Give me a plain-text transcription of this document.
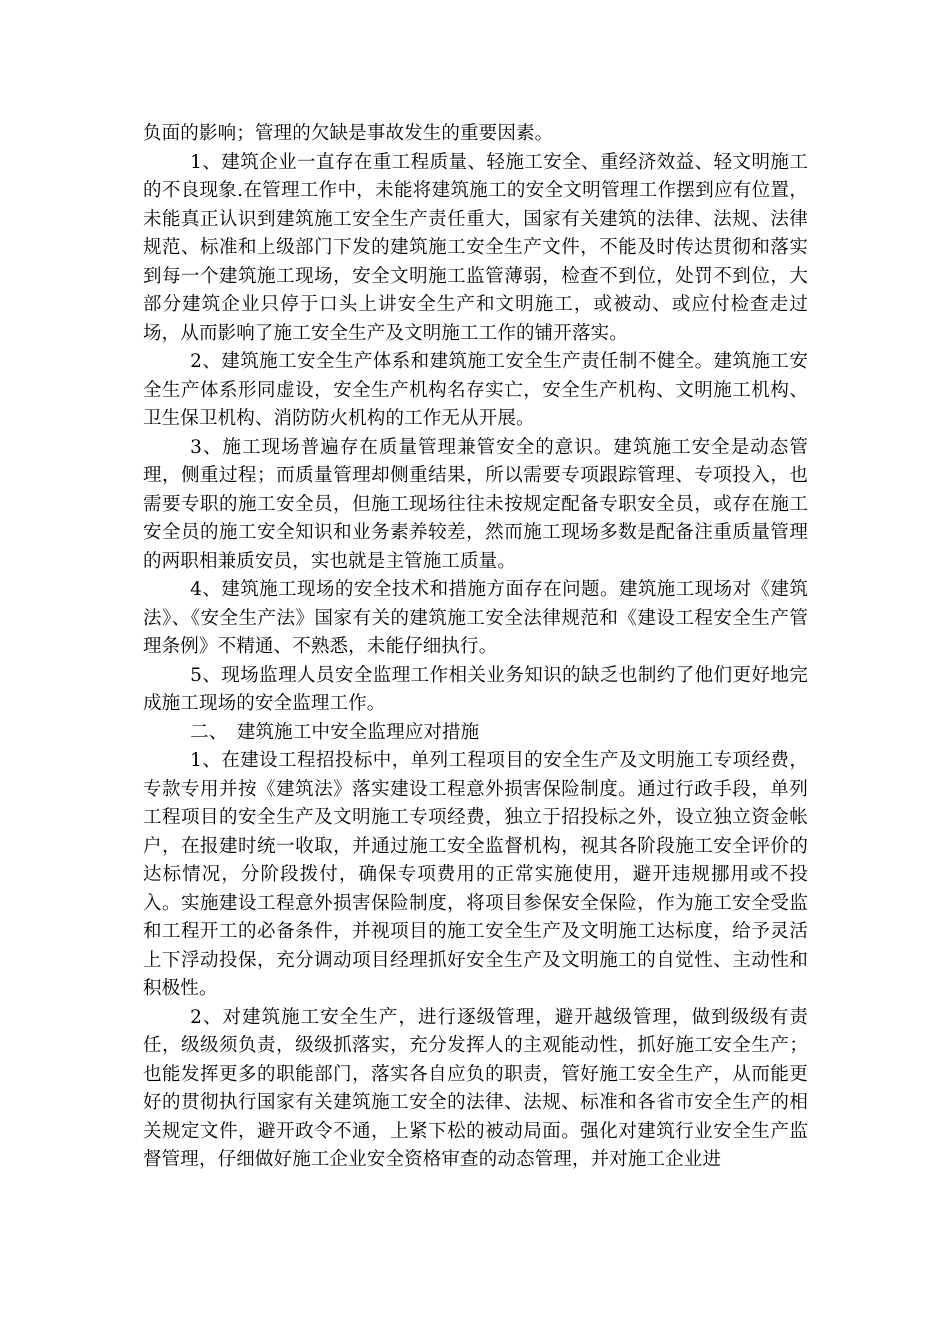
负面的影响；管理的欠缺是事故发生的重要因素。

1、建筑企业一直存在重工程质量、轻施工安全、重经济效益、轻文明施工的不良现象.在管理工作中，未能将建筑施工的安全文明管理工作摆到应有位置，未能真正认识到建筑施工安全生产责任重大，国家有关建筑的法律、法规、法律规范、标准和上级部门下发的建筑施工安全生产文件，不能及时传达贯彻和落实到每一个建筑施工现场，安全文明施工监管薄弱，检查不到位，处罚不到位，大部分建筑企业只停于口头上讲安全生产和文明施工，或被动、或应付检查走过场，从而影响了施工安全生产及文明施工工作的铺开落实。

2、建筑施工安全生产体系和建筑施工安全生产责任制不健全。建筑施工安全生产体系形同虚设，安全生产机构名存实亡，安全生产机构、文明施工机构、卫生保卫机构、消防防火机构的工作无从开展。

3、施工现场普遍存在质量管理兼管安全的意识。建筑施工安全是动态管理，侧重过程；而质量管理却侧重结果，所以需要专项跟踪管理、专项投入，也需要专职的施工安全员，但施工现场往往未按规定配备专职安全员，或存在施工安全员的施工安全知识和业务素养较差，然而施工现场多数是配备注重质量管理的两职相兼质安员，实也就是主管施工质量。

4、建筑施工现场的安全技术和措施方面存在问题。建筑施工现场对《建筑法》、《安全生产法》国家有关的建筑施工安全法律规范和《建设工程安全生产管理条例》不精通、不熟悉，未能仔细执行。

5、现场监理人员安全监理工作相关业务知识的缺乏也制约了他们更好地完成施工现场的安全监理工作。

二、　建筑施工中安全监理应对措施

1、在建设工程招投标中，单列工程项目的安全生产及文明施工专项经费，专款专用并按《建筑法》落实建设工程意外损害保险制度。通过行政手段，单列工程项目的安全生产及文明施工专项经费，独立于招投标之外，设立独立资金帐户，在报建时统一收取，并通过施工安全监督机构，视其各阶段施工安全评价的达标情况，分阶段拨付，确保专项费用的正常实施使用，避开违规挪用或不投入。实施建设工程意外损害保险制度，将项目参保安全保险，作为施工安全受监和工程开工的必备条件，并视项目的施工安全生产及文明施工达标度，给予灵活上下浮动投保，充分调动项目经理抓好安全生产及文明施工的自觉性、主动性和积极性。

2、对建筑施工安全生产，进行逐级管理，避开越级管理，做到级级有责任，级级须负责，级级抓落实，充分发挥人的主观能动性，抓好施工安全生产；也能发挥更多的职能部门，落实各自应负的职责，管好施工安全生产，从而能更好的贯彻执行国家有关建筑施工安全的法律、法规、标准和各省市安全生产的相关规定文件，避开政令不通，上紧下松的被动局面。强化对建筑行业安全生产监督管理，仔细做好施工企业安全资格审查的动态管理，并对施工企业进
